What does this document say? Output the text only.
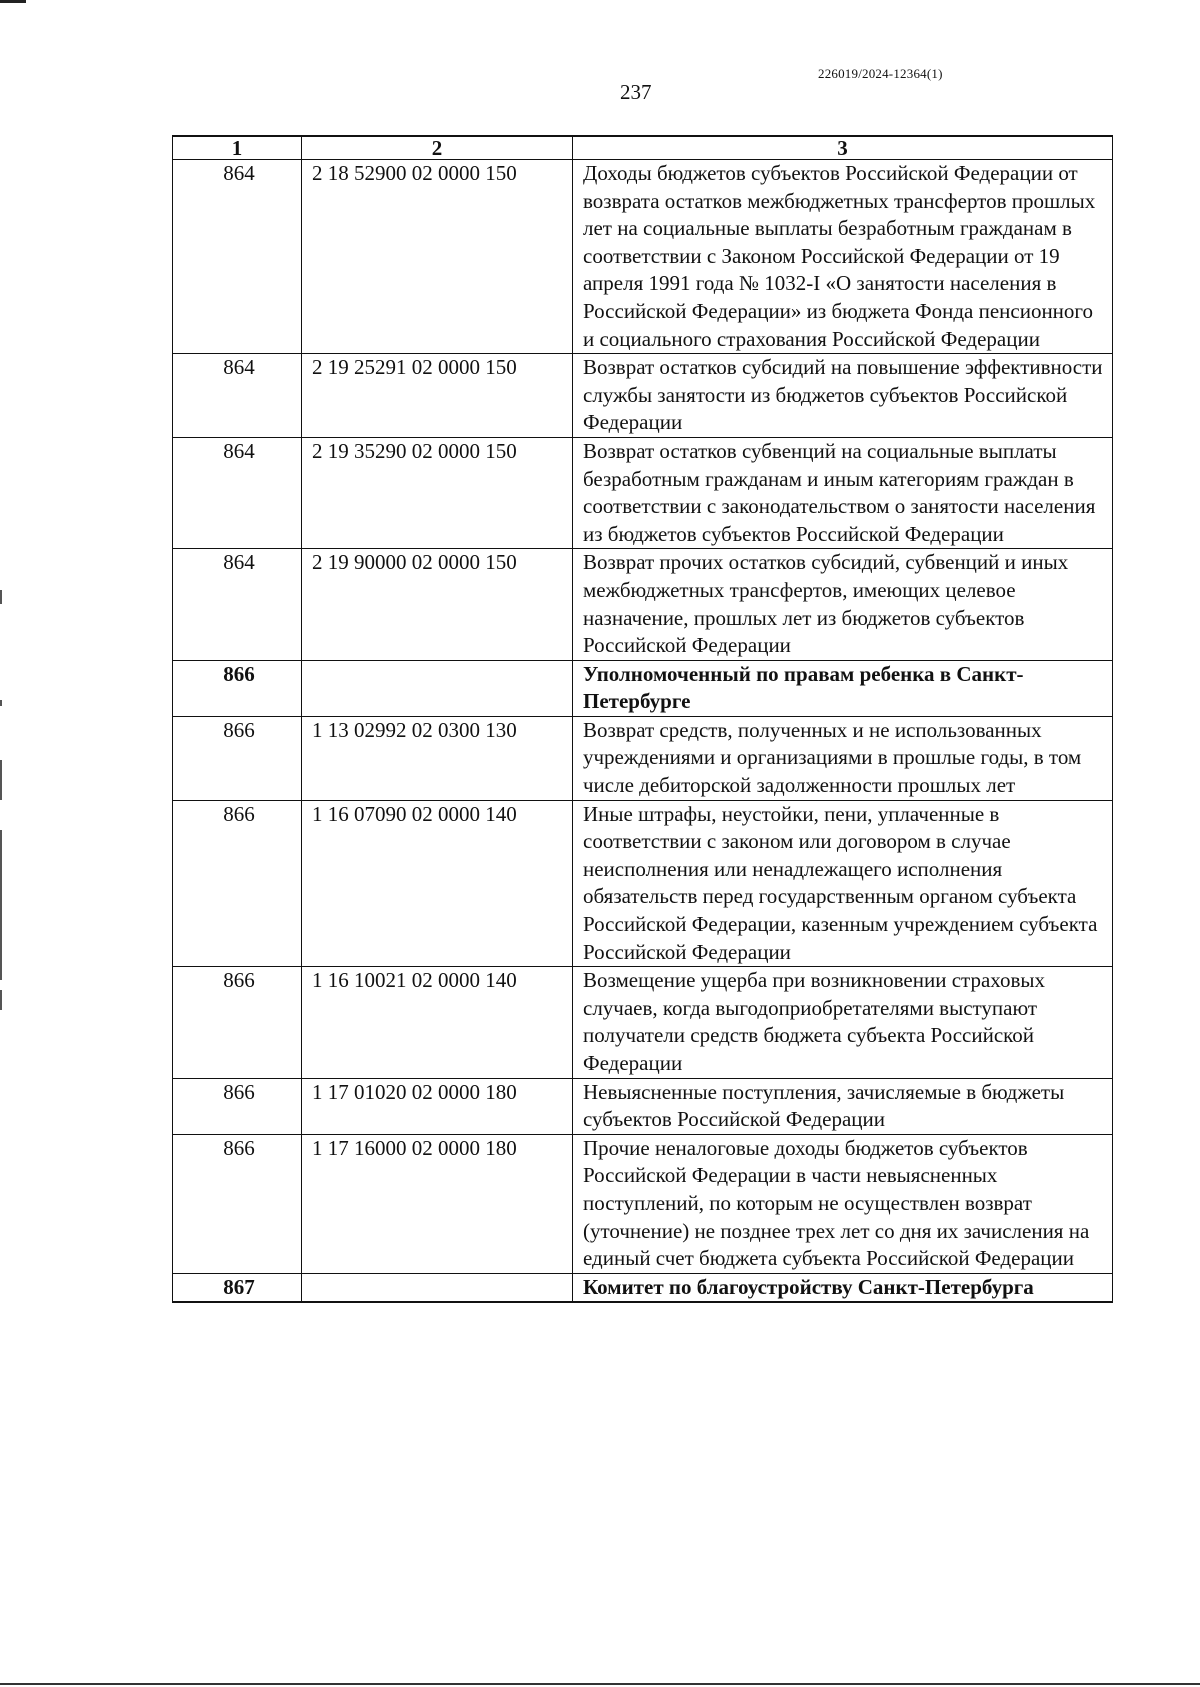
226019/2024-12364(1)
237
1	2	3
864	2 18 52900 02 0000 150	Доходы бюджетов субъектов Российской Федерации от возврата остатков межбюджетных трансфертов прошлых лет на социальные выплаты безработным гражданам в соответствии с Законом Российской Федерации от 19 апреля 1991 года № 1032-I «О занятости населения в Российской Федерации» из бюджета Фонда пенсионного и социального страхования Российской Федерации
864	2 19 25291 02 0000 150	Возврат остатков субсидий на повышение эффективности службы занятости из бюджетов субъектов Российской Федерации
864	2 19 35290 02 0000 150	Возврат остатков субвенций на социальные выплаты безработным гражданам и иным категориям граждан в соответствии с законодательством о занятости населения из бюджетов субъектов Российской Федерации
864	2 19 90000 02 0000 150	Возврат прочих остатков субсидий, субвенций и иных межбюджетных трансфертов, имеющих целевое назначение, прошлых лет из бюджетов субъектов Российской Федерации
866		Уполномоченный по правам ребенка в Санкт-Петербурге
866	1 13 02992 02 0300 130	Возврат средств, полученных и не использованных учреждениями и организациями в прошлые годы, в том числе дебиторской задолженности прошлых лет
866	1 16 07090 02 0000 140	Иные штрафы, неустойки, пени, уплаченные в соответствии с законом или договором в случае неисполнения или ненадлежащего исполнения обязательств перед государственным органом субъекта Российской Федерации, казенным учреждением субъекта Российской Федерации
866	1 16 10021 02 0000 140	Возмещение ущерба при возникновении страховых случаев, когда выгодоприобретателями выступают получатели средств бюджета субъекта Российской Федерации
866	1 17 01020 02 0000 180	Невыясненные поступления, зачисляемые в бюджеты субъектов Российской Федерации
866	1 17 16000 02 0000 180	Прочие неналоговые доходы бюджетов субъектов Российской Федерации в части невыясненных поступлений, по которым не осуществлен возврат (уточнение) не позднее трех лет со дня их зачисления на единый счет бюджета субъекта Российской Федерации
867		Комитет по благоустройству Санкт-Петербурга
